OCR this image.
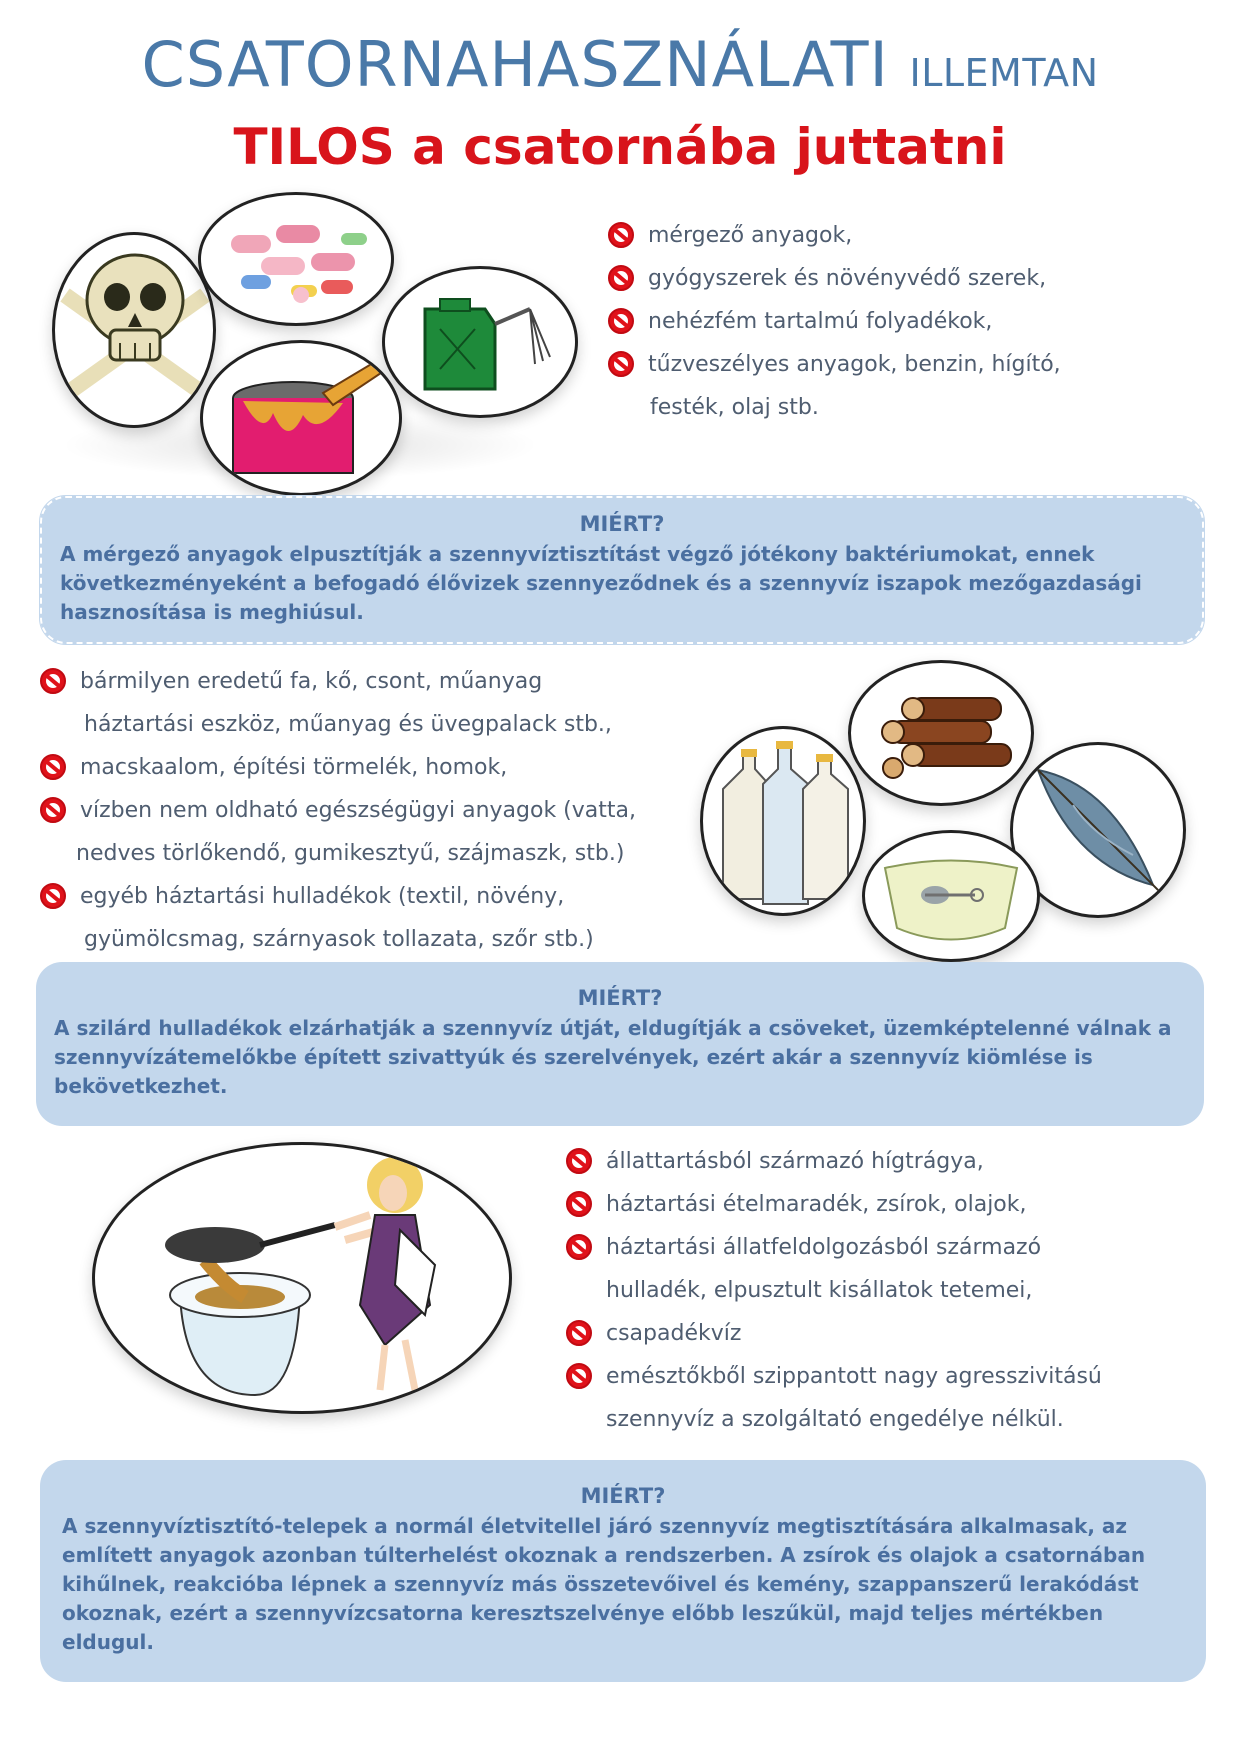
CSATORNAHASZNÁLATI ILLEMTAN
TILOS a csatornába juttatni
mérgező anyagok,
gyógyszerek és növényvédő szerek,
nehézfém tartalmú folyadékok,
tűzveszélyes anyagok, benzin, hígító,
festék, olaj stb.

MIÉRT?

A mérgező anyagok elpusztítják a szennyvíztisztítást végző jótékony baktériumokat, ennek következményeként a befogadó élővizek szennyeződnek és a szennyvíz iszapok mezőgazdasági hasznosítása is meghiúsul.

bármilyen eredetű fa, kő, csont, műanyag
háztartási eszköz, műanyag és üvegpalack stb.,
macskaalom, építési törmelék, homok,
vízben nem oldható egészségügyi anyagok (vatta,
nedves törlőkendő, gumikesztyű, szájmaszk, stb.)
egyéb háztartási hulladékok (textil, növény,
gyümölcsmag, szárnyasok tollazata, szőr stb.)

MIÉRT?

A szilárd hulladékok elzárhatják a szennyvíz útját, eldugítják a csöveket, üzemképtelenné válnak a szennyvízátemelőkbe épített szivattyúk és szerelvények, ezért akár a szennyvíz kiömlése is bekövetkezhet.

állattartásból származó hígtrágya,
háztartási ételmaradék, zsírok, olajok,
háztartási állatfeldolgozásból származó
hulladék, elpusztult kisállatok tetemei,
csapadékvíz
emésztőkből szippantott nagy agresszivitású
szennyvíz a szolgáltató engedélye nélkül.

MIÉRT?

A szennyvíztisztító-telepek a normál életvitellel járó szennyvíz megtisztítására alkalmasak, az említett anyagok azonban túlterhelést okoznak a rendszerben. A zsírok és olajok a csatornában kihűlnek, reakcióba lépnek a szennyvíz más összetevőivel és kemény, szappanszerű lerakódást okoznak, ezért a szennyvízcsatorna keresztszelvénye előbb leszűkül, majd teljes mértékben eldugul.
